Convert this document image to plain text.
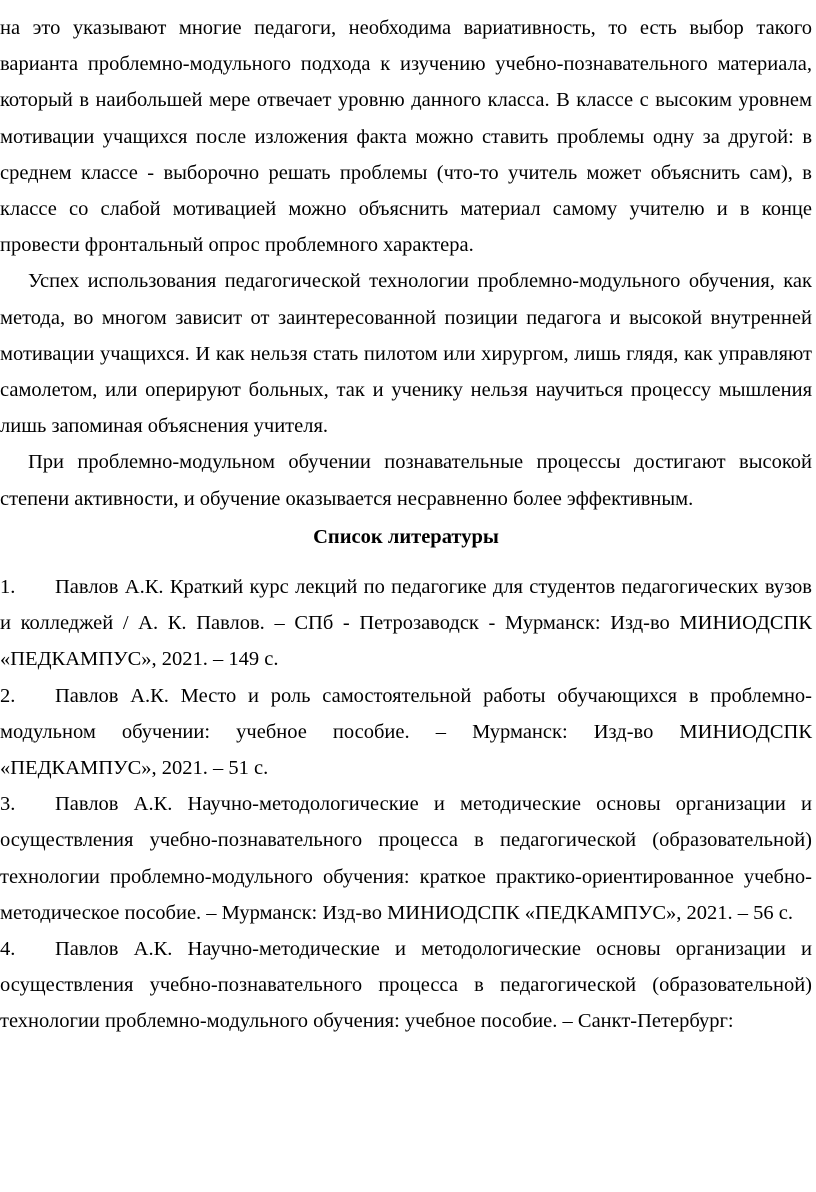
на это указывают многие педагоги, необходима вариативность, то есть выбор такого варианта проблемно-модульного подхода к изучению учебно-познавательного материала, который в наибольшей мере отвечает уровню данного класса. В классе с высоким уровнем мотивации учащихся после изложения факта можно ставить проблемы одну за другой: в среднем классе - выборочно решать проблемы (что-то учитель может объяснить сам), в классе со слабой мотивацией можно объяснить материал самому учителю и в конце провести фронтальный опрос проблемного характера.

Успех использования педагогической технологии проблемно-модульного обучения, как метода, во многом зависит от заинтересованной позиции педагога и высокой внутренней мотивации учащихся. И как нельзя стать пилотом или хирургом, лишь глядя, как управляют самолетом, или оперируют больных, так и ученику нельзя научиться процессу мышления лишь запоминая объяснения учителя.

При проблемно-модульном обучении познавательные процессы достигают высокой степени активности, и обучение оказывается несравненно более эффективным.

Список литературы

1. Павлов А.К. Краткий курс лекций по педагогике для студентов педагогических вузов и колледжей / А. К. Павлов. – СПб - Петрозаводск - Мурманск: Изд-во МИНИОДСПК «ПЕДКАМПУС», 2021. – 149 с.

2. Павлов А.К. Место и роль самостоятельной работы обучающихся в проблемно-модульном обучении: учебное пособие. – Мурманск: Изд-во МИНИОДСПК «ПЕДКАМПУС», 2021. – 51 с.

3. Павлов А.К. Научно-методологические и методические основы организации и осуществления учебно-познавательного процесса в педагогической (образовательной) технологии проблемно-модульного обучения: краткое практико-ориентированное учебно-методическое пособие. – Мурманск: Изд-во МИНИОДСПК «ПЕДКАМПУС», 2021. – 56 с.

4. Павлов А.К. Научно-методические и методологические основы организации и осуществления учебно-познавательного процесса в педагогической (образовательной) технологии проблемно-модульного обучения: учебное пособие. – Санкт-Петербург:
